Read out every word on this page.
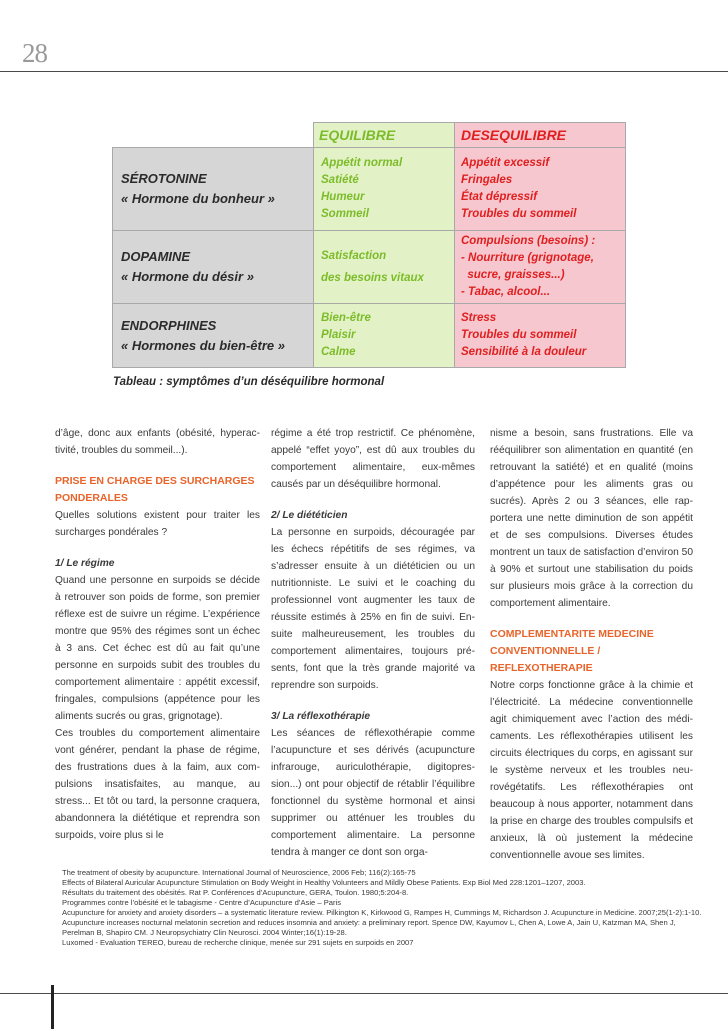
28
EQUILIBRE	DESEQUILIBRE
SÉROTONINE
« Hormone du bonheur »
Appétit normal
Satiété
Humeur
Sommeil
Appétit excessif
Fringales
État dépressif
Troubles du sommeil
DOPAMINE
« Hormone du désir »
Satisfaction
des besoins vitaux
Compulsions (besoins) :
- Nourriture (grignotage,
sucre, graisses...)
- Tabac, alcool...
ENDORPHINES
« Hormones du bien-être »
Bien-être
Plaisir
Calme
Stress
Troubles du sommeil
Sensibilité à la douleur
Tableau : symptômes d’un déséquilibre hormonal

d’âge, donc aux enfants (obésité, hyperactivité, troubles du sommeil...).

PRISE EN CHARGE DES SURCHARGES PONDERALES

Quelles solutions existent pour traiter les surcharges pondérales ?

1/ Le régime

Quand une personne en surpoids se décide à retrouver son poids de forme, son premier réflexe est de suivre un régime. L’expérience montre que 95% des régimes sont un échec à 3 ans. Cet échec est dû au fait qu’une personne en surpoids subit des troubles du comportement alimentaire : appétit excessif, fringales, compulsions (appétence pour les aliments sucrés ou gras, grignotage).

Ces troubles du comportement alimentaire vont générer, pendant la phase de régime, des frustrations dues à la faim, aux compulsions insatisfaites, au manque, au stress... Et tôt ou tard, la personne craquera, abandonnera la diététique et reprendra son surpoids, voire plus si le

régime a été trop restrictif. Ce phénomène, appelé “effet yoyo”, est dû aux troubles du comportement alimentaire, eux-mêmes causés par un déséquilibre hormonal.

2/ Le diététicien

La personne en surpoids, découragée par les échecs répétitifs de ses régimes, va s’adresser ensuite à un diététicien ou un nutritionniste. Le suivi et le coaching du professionnel vont augmenter les taux de réussite estimés à 25% en fin de suivi. Ensuite malheureusement, les troubles du comportement alimentaires, toujours présents, font que la très grande majorité va reprendre son surpoids.

3/ La réflexothérapie

Les séances de réflexothérapie comme l’acupuncture et ses dérivés (acupuncture infrarouge, auriculothérapie, digitopression...) ont pour objectif de rétablir l’équilibre fonctionnel du système hormonal et ainsi supprimer ou atténuer les troubles du comportement alimentaire. La personne tendra à manger ce dont son orga-

nisme a besoin, sans frustrations. Elle va rééquilibrer son alimentation en quantité (en retrouvant la satiété) et en qualité (moins d’appétence pour les aliments gras ou sucrés). Après 2 ou 3 séances, elle rapportera une nette diminution de son appétit et de ses compulsions. Diverses études montrent un taux de satisfaction d’environ 50 à 90% et surtout une stabilisation du poids sur plusieurs mois grâce à la correction du comportement alimentaire.

COMPLEMENTARITE MEDECINE CONVENTIONNELLE / REFLEXOTHERAPIE

Notre corps fonctionne grâce à la chimie et l’électricité. La médecine conventionnelle agit chimiquement avec l’action des médicaments. Les réflexothérapies utilisent les circuits électriques du corps, en agissant sur le système nerveux et les troubles neurovégétatifs. Les réflexothérapies ont beaucoup à nous apporter, notamment dans la prise en charge des troubles compulsifs et anxieux, là où justement la médecine conventionnelle avoue ses limites.

The treatment of obesity by acupuncture. International Journal of Neuroscience, 2006 Feb; 116(2):165-75
Effects of Bilateral Auricular Acupuncture Stimulation on Body Weight in Healthy Volunteers and Mildly Obese Patients. Exp Biol Med 228:1201–1207, 2003.
Résultats du traitement des obésités. Rat P. Conférences d’Acupuncture, GERA, Toulon. 1980;5:204-8.
Programmes contre l’obésité et le tabagisme - Centre d’Acupuncture d’Asie – Paris
Acupuncture for anxiety and anxiety disorders – a systematic literature review. Pilkington K, Kirkwood G, Rampes H, Cummings M, Richardson J. Acupuncture in Medicine. 2007;25(1-2):1-10.
Acupuncture increases nocturnal melatonin secretion and reduces insomnia and anxiety: a preliminary report. Spence DW, Kayumov L, Chen A, Lowe A, Jain U, Katzman MA, Shen J, Perelman B, Shapiro CM. J Neuropsychiatry Clin Neurosci. 2004 Winter;16(1):19-28.
Luxomed - Evaluation TEREO, bureau de recherche clinique, menée sur 291 sujets en surpoids en 2007
